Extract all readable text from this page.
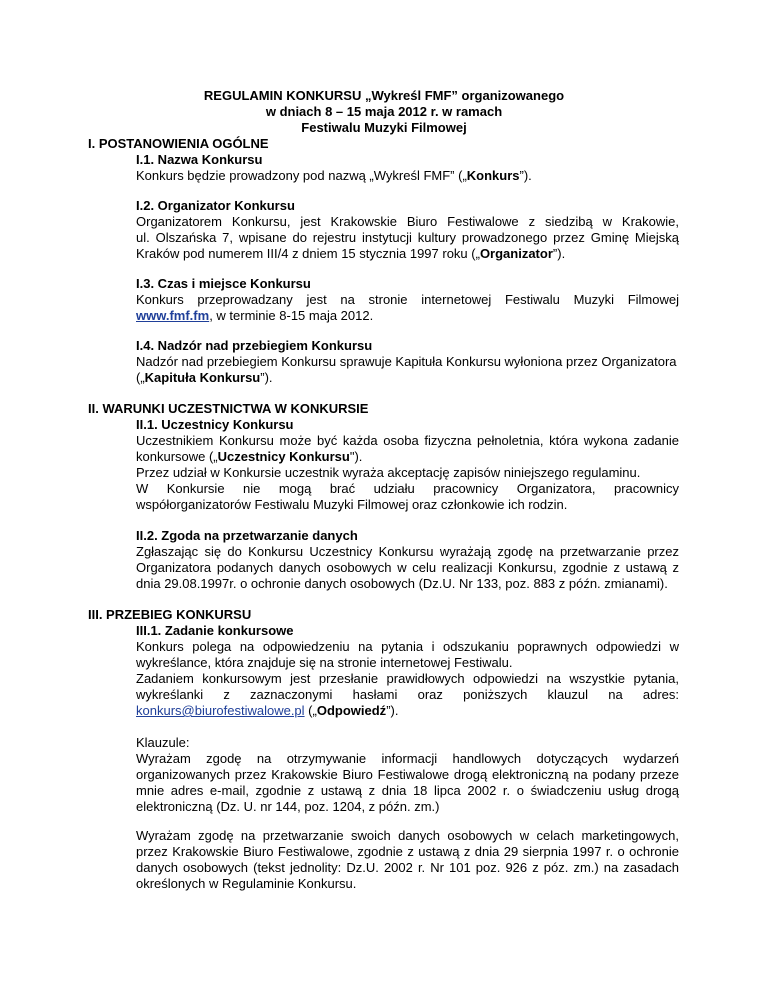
REGULAMIN KONKURSU „Wykreśl FMF” organizowanego
w dniach 8 – 15 maja 2012 r. w ramach
Festiwalu Muzyki Filmowej
I. POSTANOWIENIA OGÓLNE

I.1. Nazwa Konkursu

Konkurs będzie prowadzony pod nazwą „Wykreśl FMF” („Konkurs”).

I.2. Organizator Konkursu

Organizatorem Konkursu, jest Krakowskie Biuro Festiwalowe z siedzibą w Krakowie,

ul. Olszańska 7, wpisane do rejestru instytucji kultury prowadzonego przez Gminę Miejską

Kraków pod numerem III/4 z dniem 15 stycznia 1997 roku („Organizator”).

I.3. Czas i miejsce Konkursu

Konkurs przeprowadzany jest na stronie internetowej Festiwalu Muzyki Filmowej

www.fmf.fm, w terminie 8-15 maja 2012.

I.4. Nadzór nad przebiegiem Konkursu

Nadzór nad przebiegiem Konkursu sprawuje Kapituła Konkursu wyłoniona przez Organizatora

(„Kapituła Konkursu”).

II. WARUNKI UCZESTNICTWA W KONKURSIE

II.1. Uczestnicy Konkursu

Uczestnikiem Konkursu może być każda osoba fizyczna pełnoletnia, która wykona zadanie

konkursowe („Uczestnicy Konkursu").

Przez udział w Konkursie uczestnik wyraża akceptację zapisów niniejszego regulaminu.

W Konkursie nie mogą brać udziału pracownicy Organizatora, pracownicy

współorganizatorów Festiwalu Muzyki Filmowej oraz członkowie ich rodzin.

II.2. Zgoda na przetwarzanie danych

Zgłaszając się do Konkursu Uczestnicy Konkursu wyrażają zgodę na przetwarzanie przez

Organizatora podanych danych osobowych w celu realizacji Konkursu, zgodnie z ustawą z

dnia 29.08.1997r. o ochronie danych osobowych (Dz.U. Nr 133, poz. 883 z późn. zmianami).

III. PRZEBIEG KONKURSU

III.1. Zadanie konkursowe

Konkurs polega na odpowiedzeniu na pytania i odszukaniu poprawnych odpowiedzi w

wykreślance, która znajduje się na stronie internetowej Festiwalu.

Zadaniem konkursowym jest przesłanie prawidłowych odpowiedzi na wszystkie pytania,

wykreślanki z zaznaczonymi hasłami oraz poniższych klauzul na adres:

konkurs@biurofestiwalowe.pl („Odpowiedź”).

Klauzule:

Wyrażam zgodę na otrzymywanie informacji handlowych dotyczących wydarzeń

organizowanych przez Krakowskie Biuro Festiwalowe drogą elektroniczną na podany przeze

mnie adres e-mail, zgodnie z ustawą z dnia 18 lipca 2002 r. o świadczeniu usług drogą

elektroniczną (Dz. U. nr 144, poz. 1204, z późn. zm.)

Wyrażam zgodę na przetwarzanie swoich danych osobowych w celach marketingowych,

przez Krakowskie Biuro Festiwalowe, zgodnie z ustawą z dnia 29 sierpnia 1997 r. o ochronie

danych osobowych (tekst jednolity: Dz.U. 2002 r. Nr 101 poz. 926 z póz. zm.) na zasadach

określonych w Regulaminie Konkursu.
